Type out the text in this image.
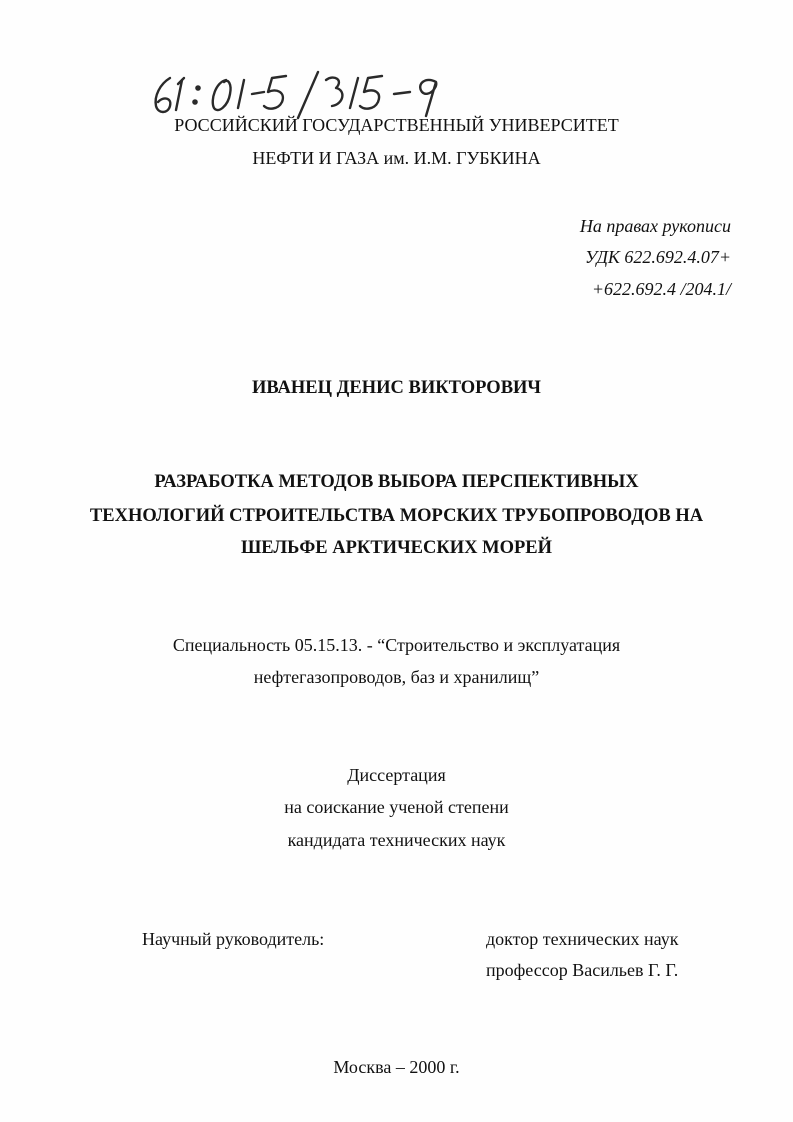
РОССИЙСКИЙ ГОСУДАРСТВЕННЫЙ УНИВЕРСИТЕТ
НЕФТИ И ГАЗА им. И.М. ГУБКИНА
На правах рукописи
УДК 622.692.4.07+
+622.692.4 /204.1/
ИВАНЕЦ ДЕНИС ВИКТОРОВИЧ
РАЗРАБОТКА МЕТОДОВ ВЫБОРА ПЕРСПЕКТИВНЫХ
ТЕХНОЛОГИЙ СТРОИТЕЛЬСТВА МОРСКИХ ТРУБОПРОВОДОВ НА
ШЕЛЬФЕ АРКТИЧЕСКИХ МОРЕЙ
Специальность 05.15.13. - “Строительство и эксплуатация
нефтегазопроводов, баз и хранилищ”
Диссертация
на соискание ученой степени
кандидата технических наук
Научный руководитель:	доктор технических наук
профессор Васильев Г. Г.
Москва – 2000 г.
